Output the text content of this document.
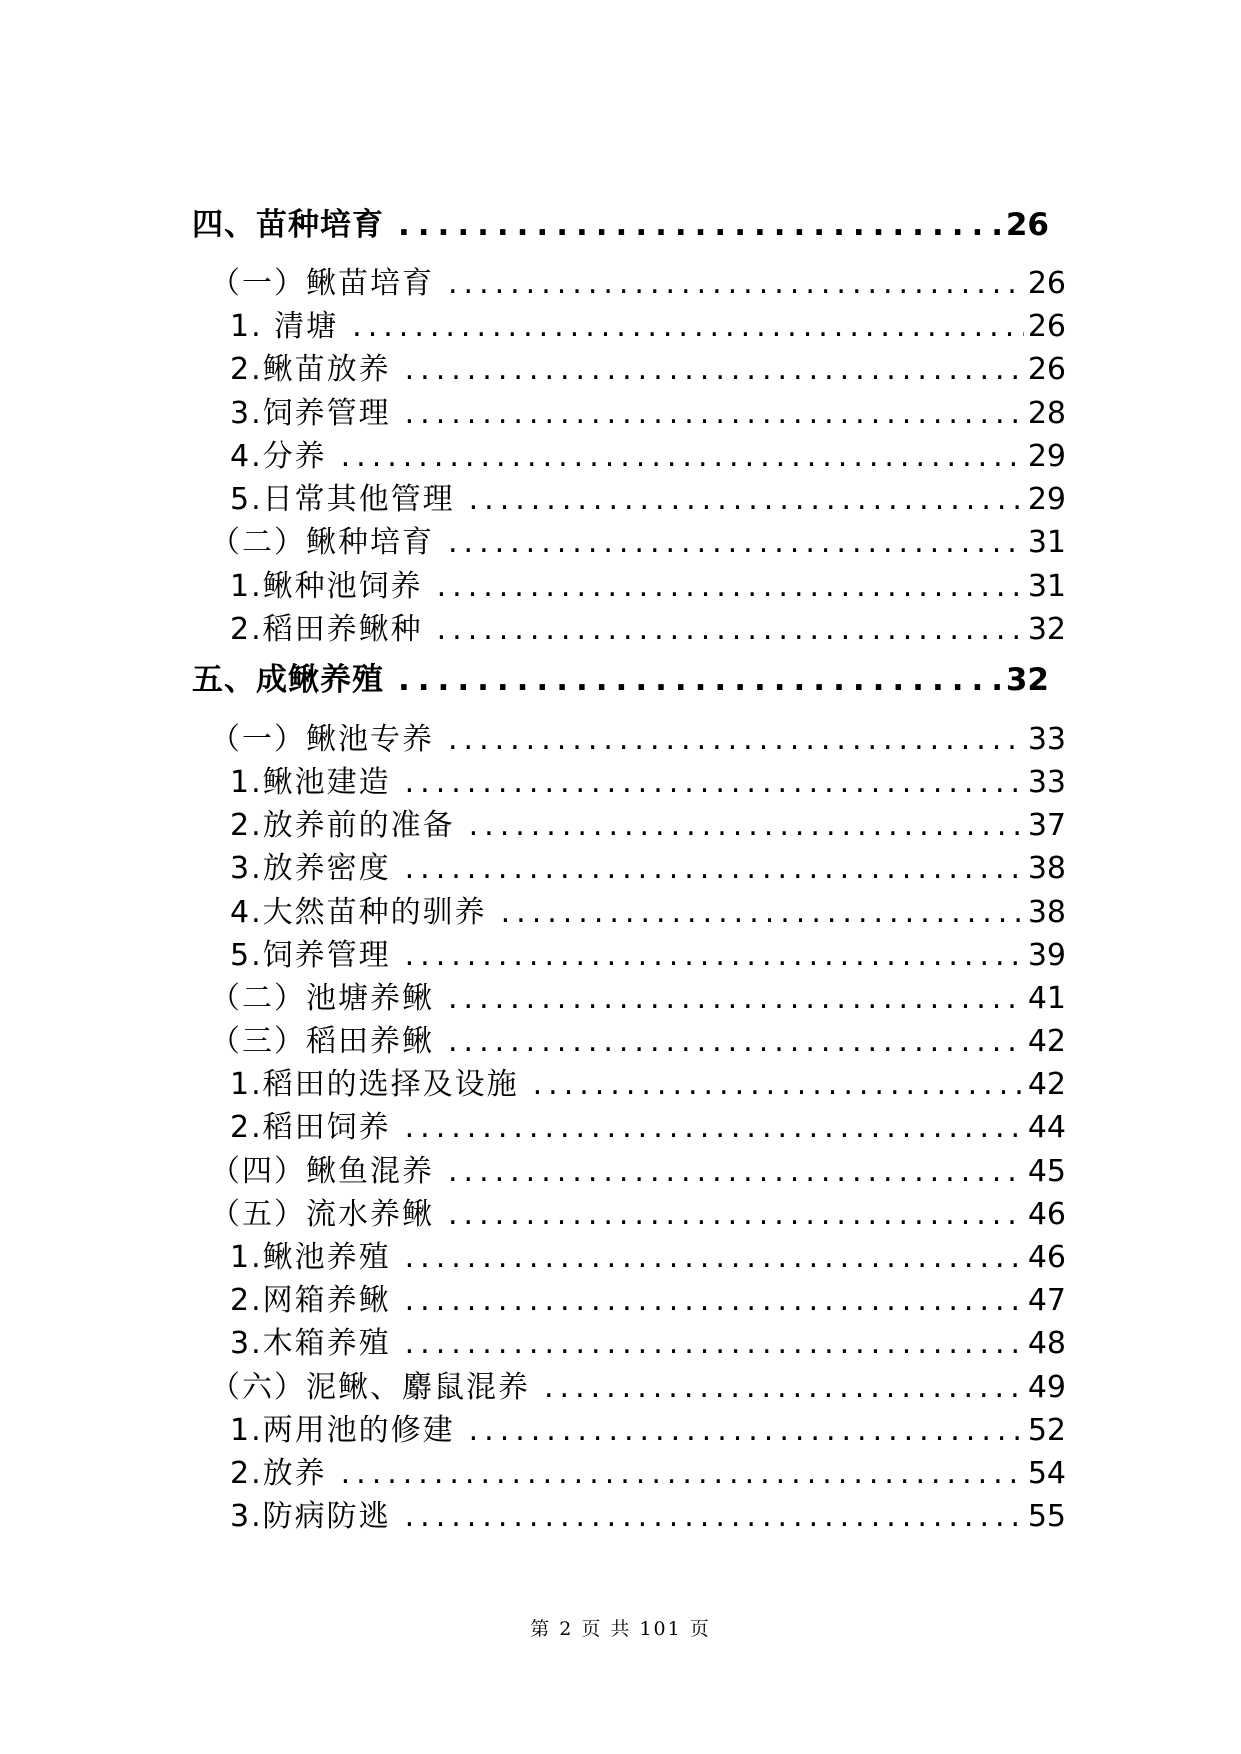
四、苗种培育 .....	26
（一）鳅苗培育 .....	26
1. 清塘 .....	26
2.鳅苗放养 .....	26
3.饲养管理 .....	28
4.分养 .....	29
5.日常其他管理 .....	29
（二）鳅种培育 .....	31
1.鳅种池饲养 .....	31
2.稻田养鳅种 .....	32
五、成鳅养殖 .....	32
（一）鳅池专养 .....	33
1.鳅池建造 .....	33
2.放养前的准备 .....	37
3.放养密度 .....	38
4.大然苗种的驯养 .....	38
5.饲养管理 .....	39
（二）池塘养鳅 .....	41
（三）稻田养鳅 .....	42
1.稻田的选择及设施 .....	42
2.稻田饲养 .....	44
（四）鳅鱼混养 .....	45
（五）流水养鳅 .....	46
1.鳅池养殖 .....	46
2.网箱养鳅 .....	47
3.木箱养殖 .....	48
（六）泥鳅、麝鼠混养 .....	49
1.两用池的修建 .....	52
2.放养 .....	54
3.防病防逃 .....	55
第 2 页 共 101 页
